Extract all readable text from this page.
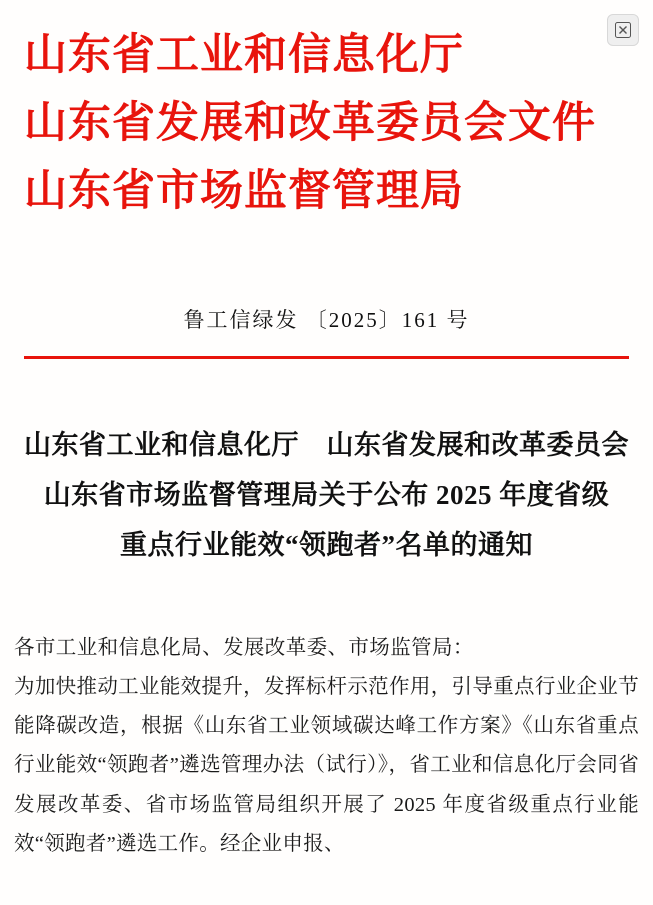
山东省工业和信息化厅
山东省发展和改革委员会文件
山东省市场监督管理局
鲁工信绿发 〔2025〕161 号
山东省工业和信息化厅　山东省发展和改革委员会
山东省市场监督管理局关于公布 2025 年度省级
重点行业能效“领跑者”名单的通知
各市工业和信息化局、发展改革委、市场监管局：

为加快推动工业能效提升，发挥标杆示范作用，引导重点行业企业节能降碳改造，根据《山东省工业领域碳达峰工作方案》《山东省重点行业能效“领跑者”遴选管理办法（试行）》，省工业和信息化厅会同省发展改革委、省市场监管局组织开展了 2025 年度省级重点行业能效“领跑者”遴选工作。经企业申报、
